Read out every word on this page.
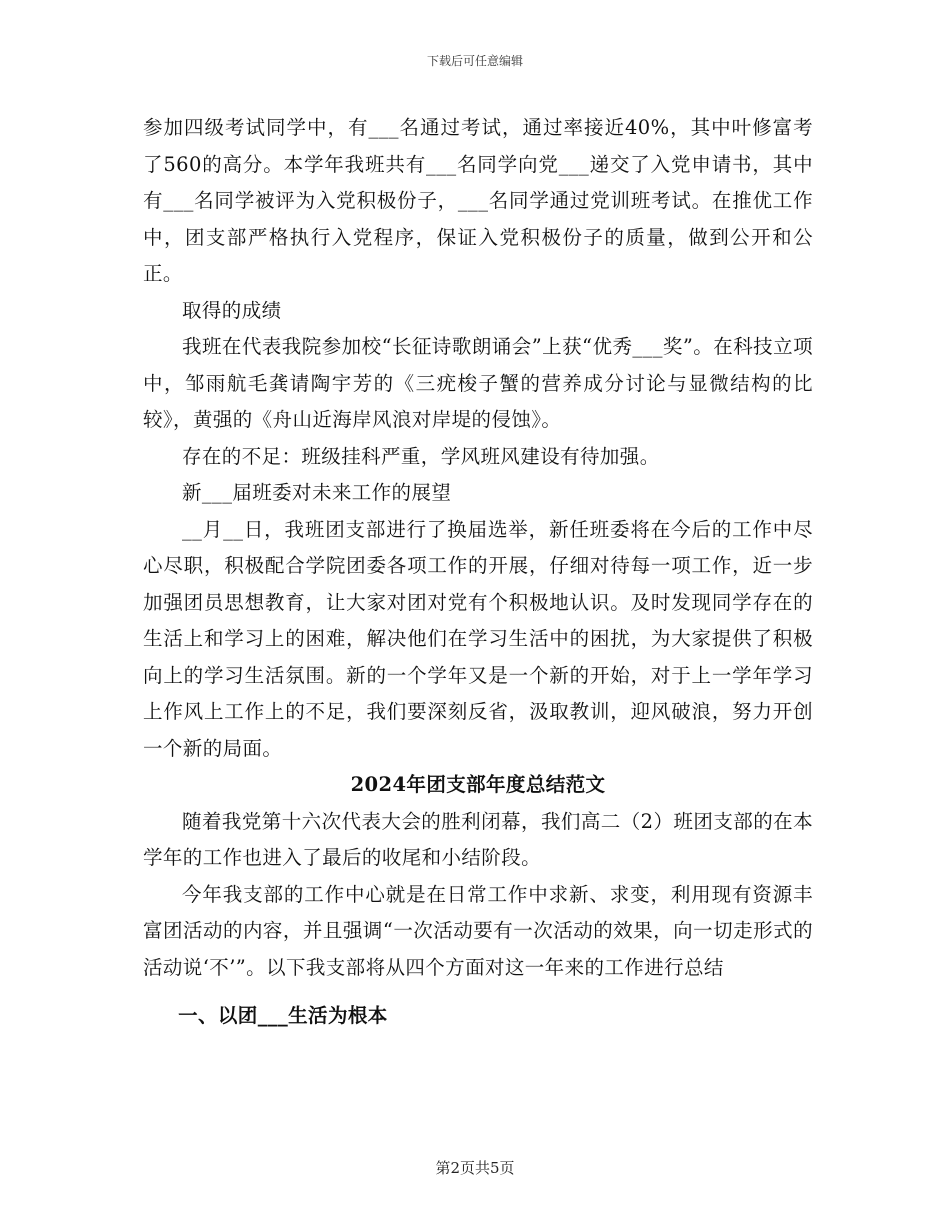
下载后可任意编辑

参加四级考试同学中，有___名通过考试，通过率接近40%，其中叶修富考了560的高分。本学年我班共有___名同学向党___递交了入党申请书，其中有___名同学被评为入党积极份子，___名同学通过党训班考试。在推优工作中，团支部严格执行入党程序，保证入党积极份子的质量，做到公开和公正。

取得的成绩

我班在代表我院参加校“长征诗歌朗诵会”上获“优秀___奖”。在科技立项中，邹雨航毛龚请陶宇芳的《三疣梭子蟹的营养成分讨论与显微结构的比较》，黄强的《舟山近海岸风浪对岸堤的侵蚀》。

存在的不足：班级挂科严重，学风班风建设有待加强。

新___届班委对未来工作的展望

__月__日，我班团支部进行了换届选举，新任班委将在今后的工作中尽心尽职，积极配合学院团委各项工作的开展，仔细对待每一项工作，近一步加强团员思想教育，让大家对团对党有个积极地认识。及时发现同学存在的生活上和学习上的困难，解决他们在学习生活中的困扰，为大家提供了积极向上的学习生活氛围。新的一个学年又是一个新的开始，对于上一学年学习上作风上工作上的不足，我们要深刻反省，汲取教训，迎风破浪，努力开创一个新的局面。

2024年团支部年度总结范文

随着我党第十六次代表大会的胜利闭幕，我们高二（2）班团支部的在本学年的工作也进入了最后的收尾和小结阶段。

今年我支部的工作中心就是在日常工作中求新、求变，利用现有资源丰富团活动的内容，并且强调“一次活动要有一次活动的效果，向一切走形式的活动说‘不’”。以下我支部将从四个方面对这一年来的工作进行总结

一、以团___生活为根本

第2页共5页
